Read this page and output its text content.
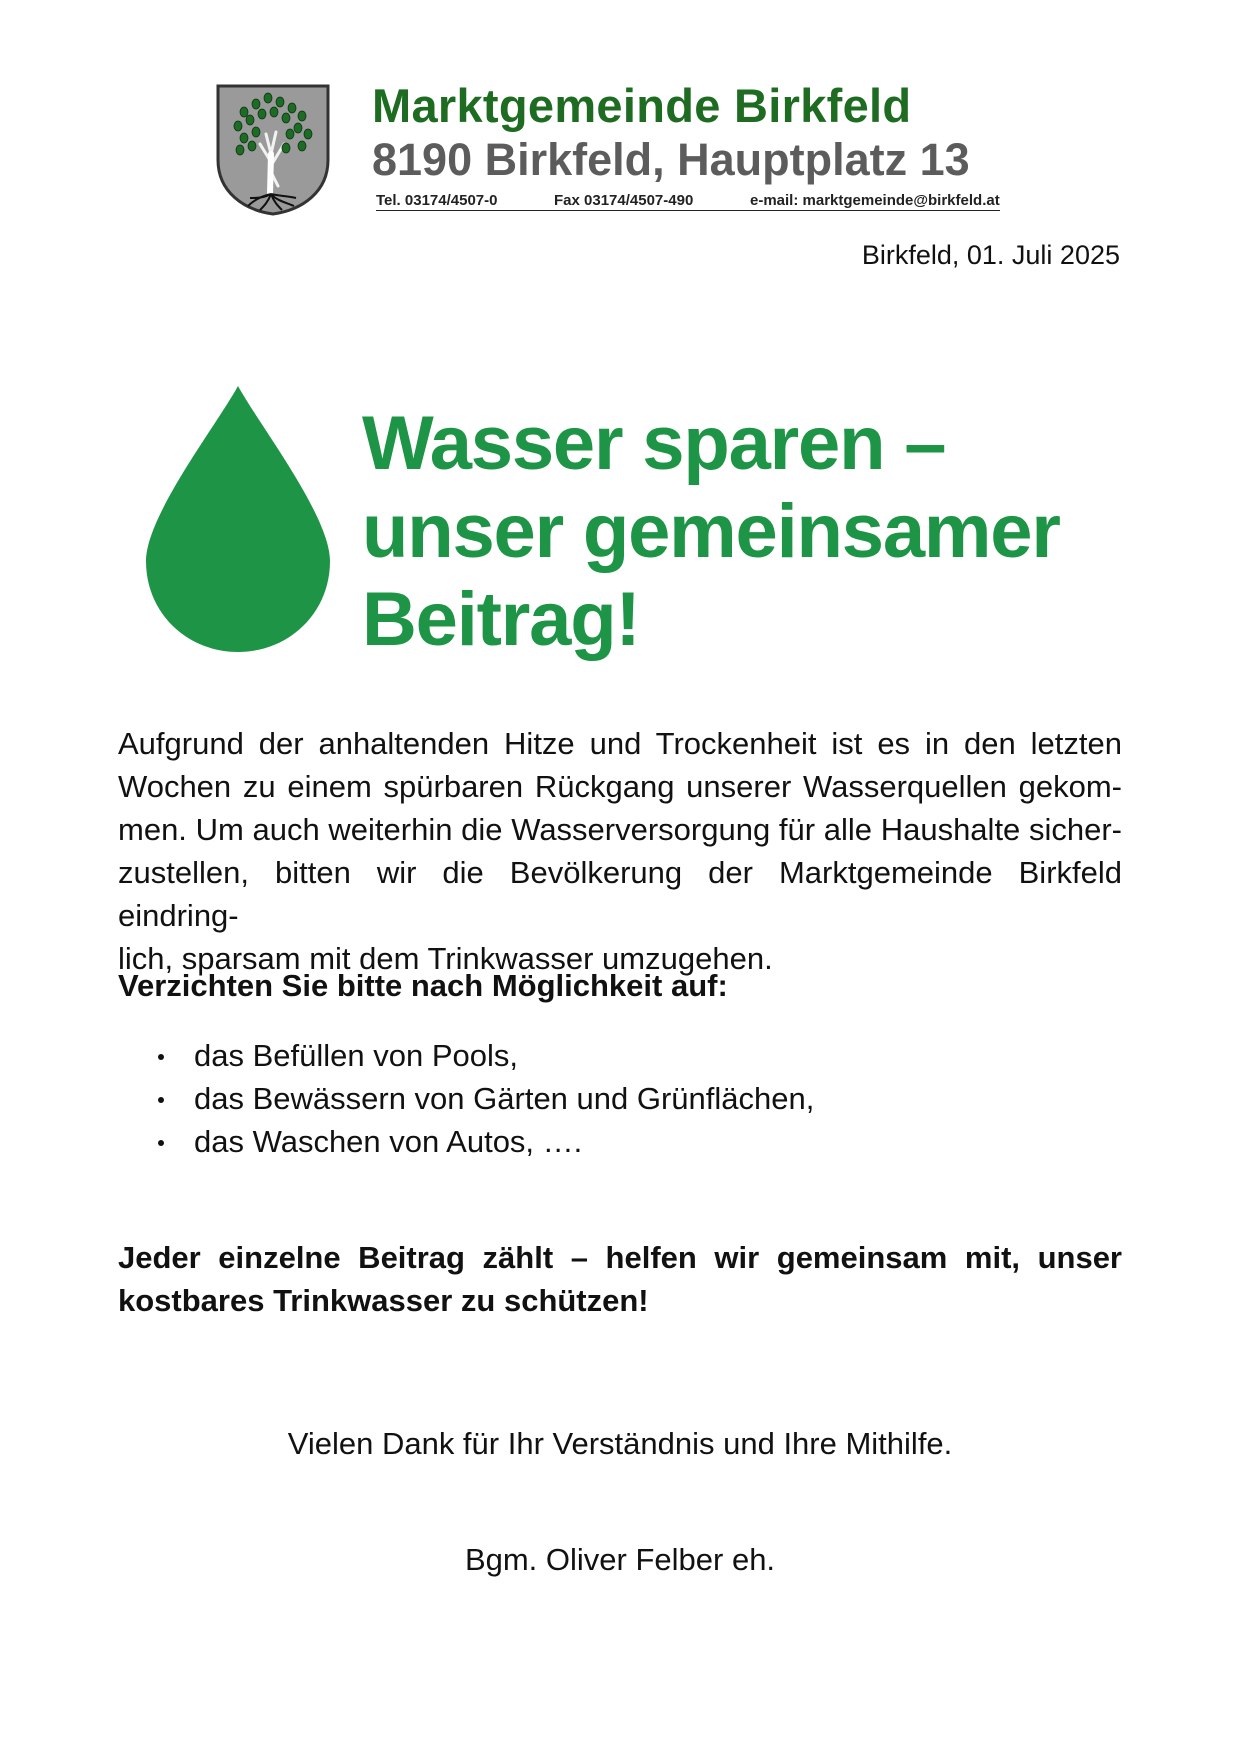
Marktgemeinde Birkfeld
8190 Birkfeld, Hauptplatz 13
Tel. 03174/4507-0	Fax 03174/4507-490	e-mail: marktgemeinde@birkfeld.at
Birkfeld, 01. Juli 2025
Wasser sparen –
unser gemeinsamer
Beitrag!
Aufgrund der anhaltenden Hitze und Trockenheit ist es in den letzten
Wochen zu einem spürbaren Rückgang unserer Wasserquellen gekom-
men. Um auch weiterhin die Wasserversorgung für alle Haushalte sicher-
zustellen, bitten wir die Bevölkerung der Marktgemeinde Birkfeld eindring-
lich, sparsam mit dem Trinkwasser umzugehen.
Verzichten Sie bitte nach Möglichkeit auf:
das Befüllen von Pools,
das Bewässern von Gärten und Grünflächen,
das Waschen von Autos, ….
Jeder einzelne Beitrag zählt – helfen wir gemeinsam mit, unser
kostbares Trinkwasser zu schützen!
Vielen Dank für Ihr Verständnis und Ihre Mithilfe.
Bgm. Oliver Felber eh.
